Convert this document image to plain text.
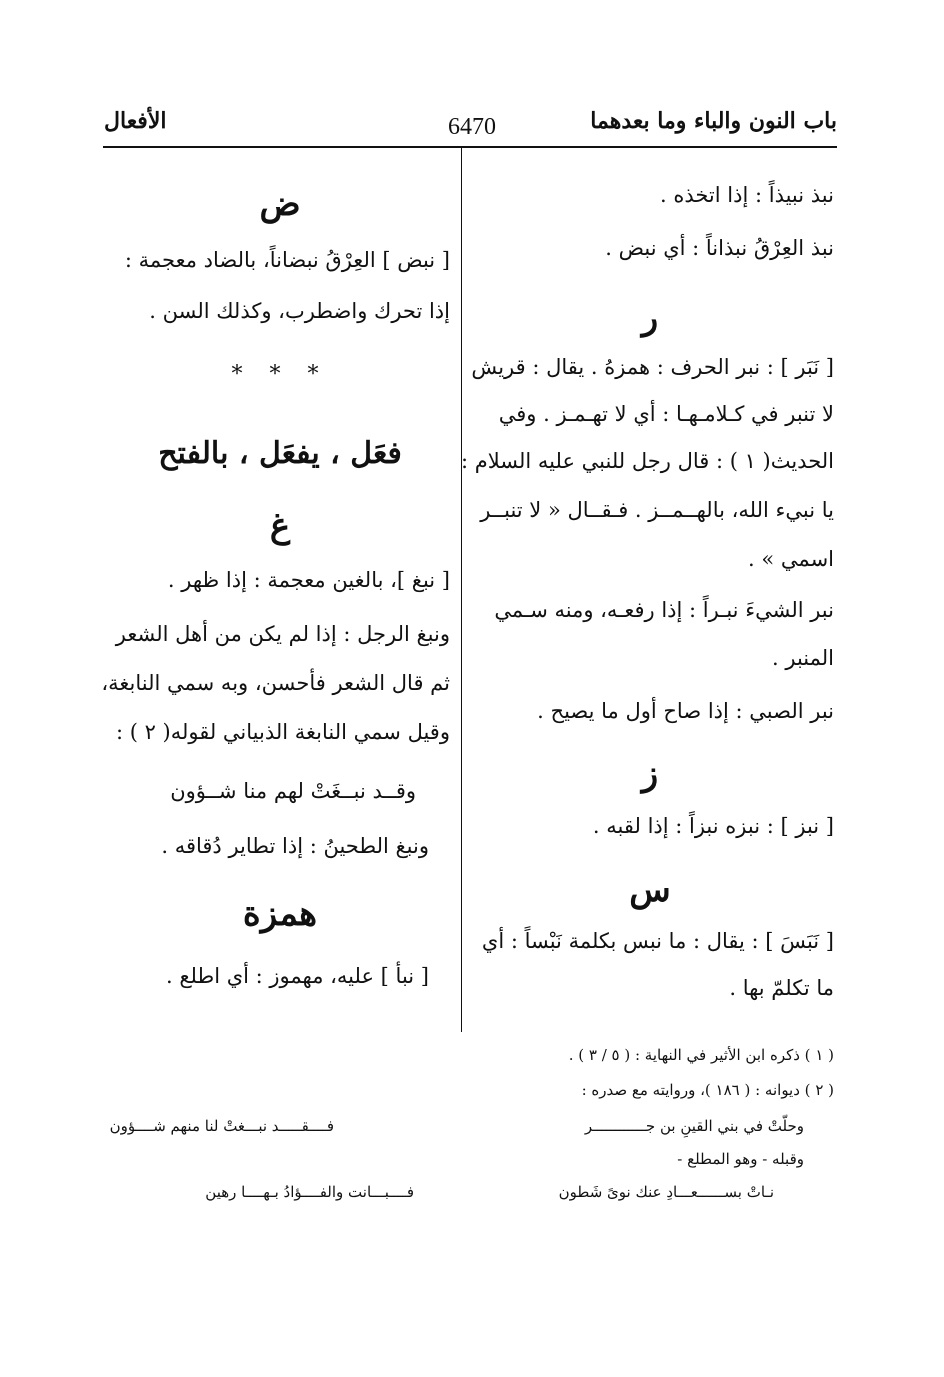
باب النون والباء وما بعدهما
6470
الأفعال
نبذ نبيذاً : إذا اتخذه .
نبذ العِرْقُ نبذاناً : أي نبض .
ر
[ نَبَر ] : نبر الحرف : همزهُ . يقال : قريش
لا تنبر في كـلامـهـا : أي لا تهـمـز . وفي
الحديث( ١ ) : قال رجل للنبي عليه السلام :
يا نبيء الله، بالهــمــز . فـقــال « لا تنبــر
اسمي » .
نبر الشيءَ نبـراً : إذا رفعـه، ومنه سـمي
المنبر .
نبر الصبي : إذا صاح أول ما يصيح .
ز
[ نبز ] : نبزه نبزاً : إذا لقبه .
س
[ نَبَسَ ] : يقال : ما نبس بكلمة نَبْساً : أي
ما تكلمّ بها .
ض
[ نبض ] العِرْقُ نبضاناً، بالضاد معجمة :
إذا تحرك واضطرب، وكذلك السن .
* * *
فعَل ، يفعَل ، بالفتح
غ
[ نبغ ]، بالغين معجمة : إذا ظهر .
ونبغ الرجل : إذا لم يكن من أهل الشعر
ثم قال الشعر فأحسن، وبه سمي النابغة،
وقيل سمي النابغة الذبياني لقوله( ٢ ) :
وقــد نبــغَتْ لهم منا شــؤون
ونبغ الطحينُ : إذا تطاير دُقاقه .
همزة
[ نبأ ] عليه، مهموز : أي اطلع .
( ١ ) ذكره ابن الأثير في النهاية : ( ٥ / ٣ ) .
( ٢ ) ديوانه : ( ١٨٦ )، وروايته مع صدره :
وحلّتْ في بني القينِ بن جــــــــــــر
فــــقـــــد نبـــغتْ لنا منهم شــــؤون
وقبله - وهو المطلع -
نـاتْ بســــــعـــادِ عنك نوىً شَطون
فــــبـــانت والفــــؤادُ بـهــــا رهين
